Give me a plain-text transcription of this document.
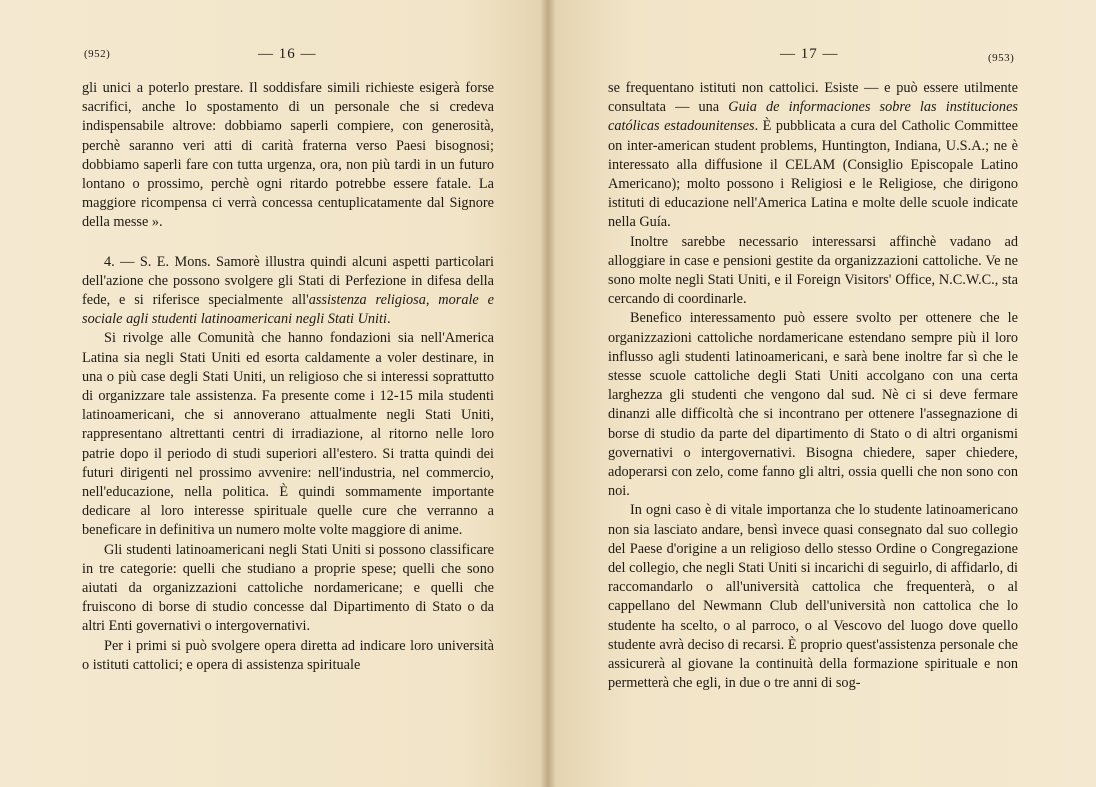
(952)	— 16 —

gli unici a poterlo prestare. Il soddisfare simili richieste esigerà forse sacrifici, anche lo spostamento di un personale che si credeva indispensabile altrove: dobbiamo saperli compiere, con generosità, perchè saranno veri atti di carità fraterna verso Paesi bisognosi; dobbiamo saperli fare con tutta urgenza, ora, non più tardi in un futuro lontano o prossimo, perchè ogni ritardo potrebbe essere fatale. La maggiore ricompensa ci verrà concessa centuplicatamente dal Signore della messe ».

4. — S. E. Mons. Samorè illustra quindi alcuni aspetti particolari dell'azione che possono svolgere gli Stati di Perfezione in difesa della fede, e si riferisce specialmente all'assistenza religiosa, morale e sociale agli studenti latinoamericani negli Stati Uniti.

Si rivolge alle Comunità che hanno fondazioni sia nell'America Latina sia negli Stati Uniti ed esorta caldamente a voler destinare, in una o più case degli Stati Uniti, un religioso che si interessi soprattutto di organizzare tale assistenza. Fa presente come i 12-15 mila studenti latinoamericani, che si annoverano attualmente negli Stati Uniti, rappresentano altrettanti centri di irradiazione, al ritorno nelle loro patrie dopo il periodo di studi superiori all'estero. Si tratta quindi dei futuri dirigenti nel prossimo avvenire: nell'industria, nel commercio, nell'educazione, nella politica. È quindi sommamente importante dedicare al loro interesse spirituale quelle cure che verranno a beneficare in definitiva un numero molte volte maggiore di anime.

Gli studenti latinoamericani negli Stati Uniti si possono classificare in tre categorie: quelli che studiano a proprie spese; quelli che sono aiutati da organizzazioni cattoliche nordamericane; e quelli che fruiscono di borse di studio concesse dal Dipartimento di Stato o da altri Enti governativi o intergovernativi.

Per i primi si può svolgere opera diretta ad indicare loro università o istituti cattolici; e opera di assistenza spirituale

— 17 —	(953)

se frequentano istituti non cattolici. Esiste — e può essere utilmente consultata — una Guia de informaciones sobre las instituciones católicas estadounitenses. È pubblicata a cura del Catholic Committee on inter-american student problems, Huntington, Indiana, U.S.A.; ne è interessato alla diffusione il CELAM (Consiglio Episcopale Latino Americano); molto possono i Religiosi e le Religiose, che dirigono istituti di educazione nell'America Latina e molte delle scuole indicate nella Guía.

Inoltre sarebbe necessario interessarsi affinchè vadano ad alloggiare in case e pensioni gestite da organizzazioni cattoliche. Ve ne sono molte negli Stati Uniti, e il Foreign Visitors' Office, N.C.W.C., sta cercando di coordinarle.

Benefico interessamento può essere svolto per ottenere che le organizzazioni cattoliche nordamericane estendano sempre più il loro influsso agli studenti latinoamericani, e sarà bene inoltre far sì che le stesse scuole cattoliche degli Stati Uniti accolgano con una certa larghezza gli studenti che vengono dal sud. Nè ci si deve fermare dinanzi alle difficoltà che si incontrano per ottenere l'assegnazione di borse di studio da parte del dipartimento di Stato o di altri organismi governativi o intergovernativi. Bisogna chiedere, saper chiedere, adoperarsi con zelo, come fanno gli altri, ossia quelli che non sono con noi.

In ogni caso è di vitale importanza che lo studente latinoamericano non sia lasciato andare, bensì invece quasi consegnato dal suo collegio del Paese d'origine a un religioso dello stesso Ordine o Congregazione del collegio, che negli Stati Uniti si incarichi di seguirlo, di affidarlo, di raccomandarlo o all'università cattolica che frequenterà, o al cappellano del Newmann Club dell'università non cattolica che lo studente ha scelto, o al parroco, o al Vescovo del luogo dove quello studente avrà deciso di recarsi. È proprio quest'assistenza personale che assicurerà al giovane la continuità della formazione spirituale e non permetterà che egli, in due o tre anni di sog-
